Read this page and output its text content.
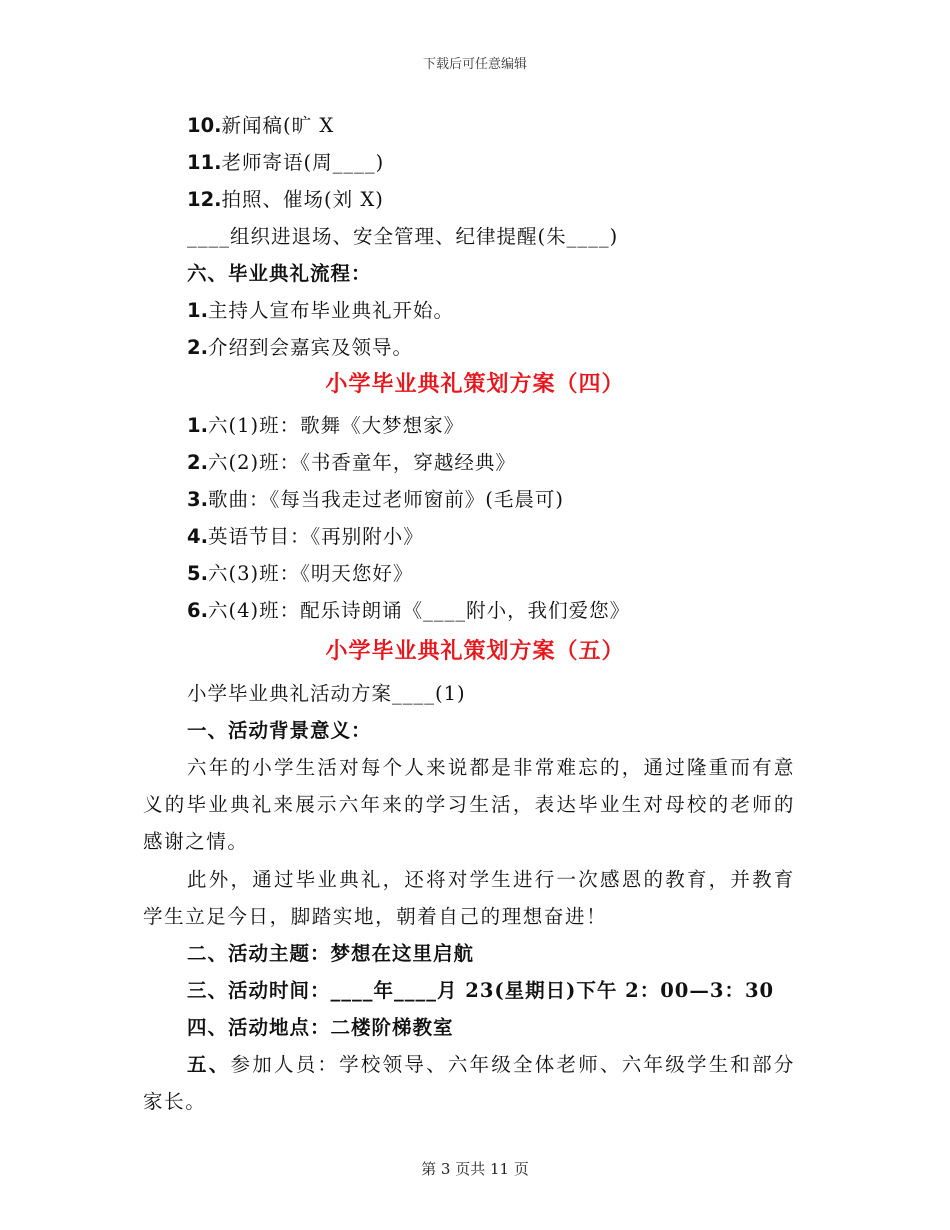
下载后可任意编辑
10.新闻稿(旷 X
11.老师寄语(周____)
12.拍照、催场(刘 X)
____组织进退场、安全管理、纪律提醒(朱____)
六、毕业典礼流程：
1.主持人宣布毕业典礼开始。
2.介绍到会嘉宾及领导。
小学毕业典礼策划方案（四）
1.六(1)班：歌舞《大梦想家》
2.六(2)班：《书香童年，穿越经典》
3.歌曲：《每当我走过老师窗前》(毛晨可)
4.英语节目：《再别附小》
5.六(3)班：《明天您好》
6.六(4)班：配乐诗朗诵《____附小，我们爱您》
小学毕业典礼策划方案（五）
小学毕业典礼活动方案____(1)
一、活动背景意义：
六年的小学生活对每个人来说都是非常难忘的，通过隆重而有意义的毕业典礼来展示六年来的学习生活，表达毕业生对母校的老师的感谢之情。
此外，通过毕业典礼，还将对学生进行一次感恩的教育，并教育学生立足今日，脚踏实地，朝着自己的理想奋进！
二、活动主题：梦想在这里启航
三、活动时间：____年____月 23(星期日)下午 2：00—3：30
四、活动地点：二楼阶梯教室
五、参加人员：学校领导、六年级全体老师、六年级学生和部分家长。
第 3 页共 11 页
